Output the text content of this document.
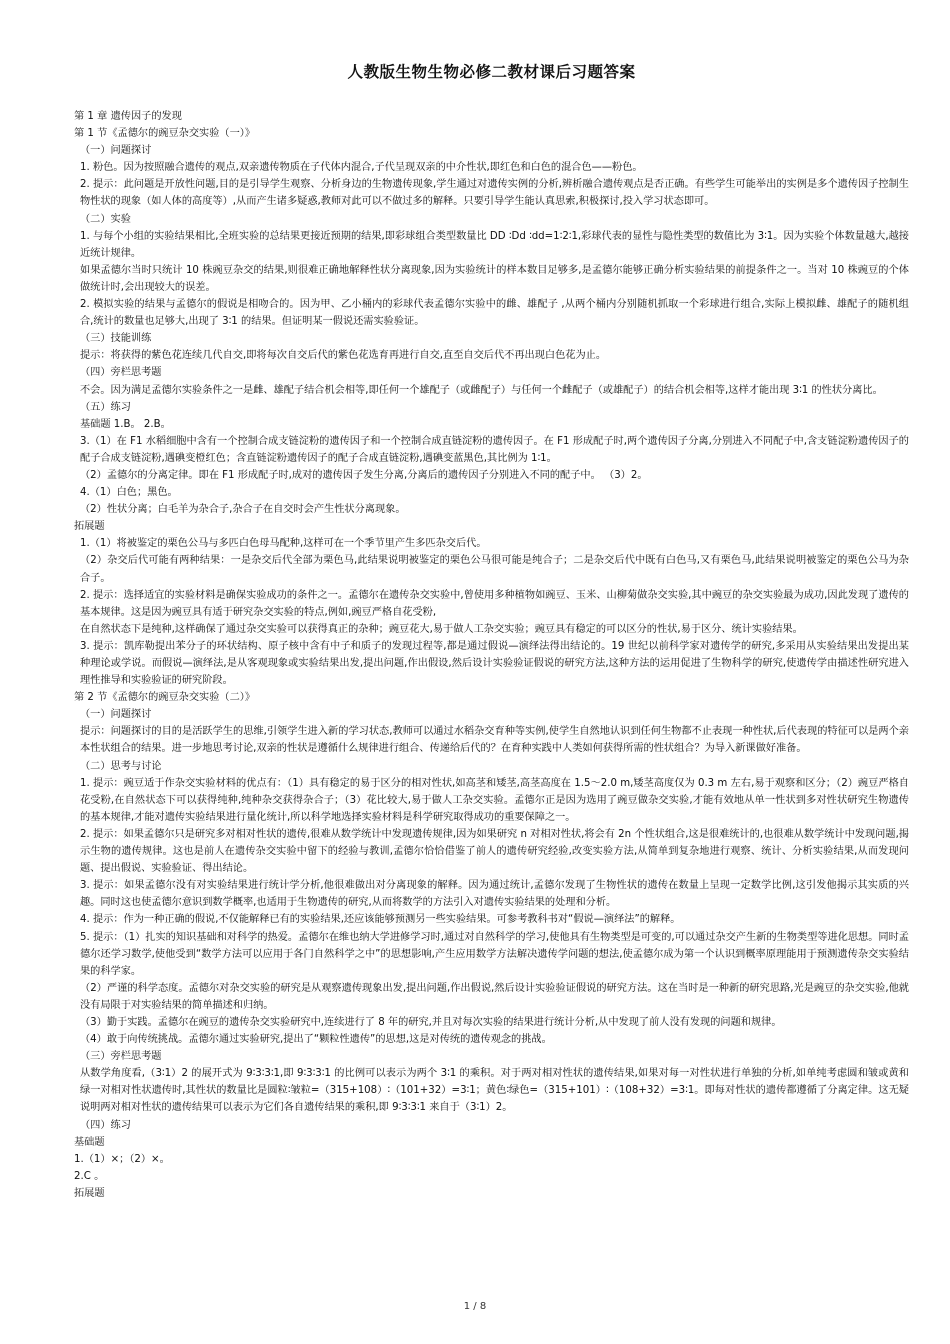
人教版生物生物必修二教材课后习题答案

第 1 章 遗传因子的发现

第 1 节《孟德尔的豌豆杂交实验（一）》

（一）问题探讨

1. 粉色。因为按照融合遗传的观点,双亲遗传物质在子代体内混合,子代呈现双亲的中介性状,即红色和白色的混合色——粉色。

2. 提示：此问题是开放性问题,目的是引导学生观察、分析身边的生物遗传现象,学生通过对遗传实例的分析,辨析融合遗传观点是否正确。有些学生可能举出的实例是多个遗传因子控制生物性状的现象（如人体的高度等）,从而产生诸多疑惑,教师对此可以不做过多的解释。只要引导学生能认真思索,积极探讨,投入学习状态即可。

（二）实验

1. 与每个小组的实验结果相比,全班实验的总结果更接近预期的结果,即彩球组合类型数量比 DD ∶Dd ∶dd=1∶2∶1,彩球代表的显性与隐性类型的数值比为 3∶1。因为实验个体数量越大,越接近统计规律。

如果孟德尔当时只统计 10 株豌豆杂交的结果,则很难正确地解释性状分离现象,因为实验统计的样本数目足够多,是孟德尔能够正确分析实验结果的前提条件之一。当对 10 株豌豆的个体做统计时,会出现较大的误差。

2. 模拟实验的结果与孟德尔的假说是相吻合的。因为甲、乙小桶内的彩球代表孟德尔实验中的雌、雄配子 ,从两个桶内分别随机抓取一个彩球进行组合,实际上模拟雌、雄配子的随机组合,统计的数量也足够大,出现了 3∶1 的结果。但证明某一假说还需实验验证。

（三）技能训练

提示：将获得的紫色花连续几代自交,即将每次自交后代的紫色花选育再进行自交,直至自交后代不再出现白色花为止。

（四）旁栏思考题

不会。因为满足孟德尔实验条件之一是雌、雄配子结合机会相等,即任何一个雄配子（或雌配子）与任何一个雌配子（或雄配子）的结合机会相等,这样才能出现 3∶1 的性状分离比。

（五）练习

基础题 1.B。 2.B。

3.（1）在 F1 水稻细胞中含有一个控制合成支链淀粉的遗传因子和一个控制合成直链淀粉的遗传因子。在 F1 形成配子时,两个遗传因子分离,分别进入不同配子中,含支链淀粉遗传因子的配子合成支链淀粉,遇碘变橙红色；含直链淀粉遗传因子的配子合成直链淀粉,遇碘变蓝黑色,其比例为 1∶1。

（2）孟德尔的分离定律。即在 F1 形成配子时,成对的遗传因子发生分离,分离后的遗传因子分别进入不同的配子中。 （3）2。

4.（1）白色；黑色。

（2）性状分离；白毛羊为杂合子,杂合子在自交时会产生性状分离现象。

拓展题

1.（1）将被鉴定的栗色公马与多匹白色母马配种,这样可在一个季节里产生多匹杂交后代。

（2）杂交后代可能有两种结果：一是杂交后代全部为栗色马,此结果说明被鉴定的栗色公马很可能是纯合子；二是杂交后代中既有白色马,又有栗色马,此结果说明被鉴定的栗色公马为杂合子。

2. 提示：选择适宜的实验材料是确保实验成功的条件之一。孟德尔在遗传杂交实验中,曾使用多种植物如豌豆、玉米、山柳菊做杂交实验,其中豌豆的杂交实验最为成功,因此发现了遗传的基本规律。这是因为豌豆具有适于研究杂交实验的特点,例如,豌豆严格自花受粉,

在自然状态下是纯种,这样确保了通过杂交实验可以获得真正的杂种；豌豆花大,易于做人工杂交实验；豌豆具有稳定的可以区分的性状,易于区分、统计实验结果。

3. 提示：凯库勒提出苯分子的环状结构、原子核中含有中子和质子的发现过程等,都是通过假说—演绎法得出结论的。19 世纪以前科学家对遗传学的研究,多采用从实验结果出发提出某种理论或学说。而假说—演绎法,是从客观现象或实验结果出发,提出问题,作出假设,然后设计实验验证假说的研究方法,这种方法的运用促进了生物科学的研究,使遗传学由描述性研究进入理性推导和实验验证的研究阶段。

第 2 节《孟德尔的豌豆杂交实验（二）》

（一）问题探讨

提示：问题探讨的目的是活跃学生的思维,引领学生进入新的学习状态,教师可以通过水稻杂交育种等实例,使学生自然地认识到任何生物都不止表现一种性状,后代表现的特征可以是两个亲本性状组合的结果。进一步地思考讨论,双亲的性状是遵循什么规律进行组合、传递给后代的？在育种实践中人类如何获得所需的性状组合？为导入新课做好准备。

（二）思考与讨论

1. 提示：豌豆适于作杂交实验材料的优点有：（1）具有稳定的易于区分的相对性状,如高茎和矮茎,高茎高度在 1.5～2.0 m,矮茎高度仅为 0.3 m 左右,易于观察和区分；（2）豌豆严格自花受粉,在自然状态下可以获得纯种,纯种杂交获得杂合子；（3）花比较大,易于做人工杂交实验。孟德尔正是因为选用了豌豆做杂交实验,才能有效地从单一性状到多对性状研究生物遗传的基本规律,才能对遗传实验结果进行量化统计,所以科学地选择实验材料是科学研究取得成功的重要保障之一。

2. 提示：如果孟德尔只是研究多对相对性状的遗传,很难从数学统计中发现遗传规律,因为如果研究 n 对相对性状,将会有 2n 个性状组合,这是很难统计的,也很难从数学统计中发现问题,揭示生物的遗传规律。这也是前人在遗传杂交实验中留下的经验与教训,孟德尔恰恰借鉴了前人的遗传研究经验,改变实验方法,从简单到复杂地进行观察、统计、分析实验结果,从而发现问题、提出假说、实验验证、得出结论。

3. 提示：如果孟德尔没有对实验结果进行统计学分析,他很难做出对分离现象的解释。因为通过统计,孟德尔发现了生物性状的遗传在数量上呈现一定数学比例,这引发他揭示其实质的兴趣。同时这也使孟德尔意识到数学概率,也适用于生物遗传的研究,从而将数学的方法引入对遗传实验结果的处理和分析。

4. 提示：作为一种正确的假说,不仅能解释已有的实验结果,还应该能够预测另一些实验结果。可参考教科书对“假说—演绎法”的解释。

5. 提示：（1）扎实的知识基础和对科学的热爱。孟德尔在维也纳大学进修学习时,通过对自然科学的学习,使他具有生物类型是可变的,可以通过杂交产生新的生物类型等进化思想。同时孟德尔还学习数学,使他受到“数学方法可以应用于各门自然科学之中”的思想影响,产生应用数学方法解决遗传学问题的想法,使孟德尔成为第一个认识到概率原理能用于预测遗传杂交实验结果的科学家。

（2）严谨的科学态度。孟德尔对杂交实验的研究是从观察遗传现象出发,提出问题,作出假说,然后设计实验验证假说的研究方法。这在当时是一种新的研究思路,光是豌豆的杂交实验,他就没有局限于对实验结果的简单描述和归纳。

（3）勤于实践。孟德尔在豌豆的遗传杂交实验研究中,连续进行了 8 年的研究,并且对每次实验的结果进行统计分析,从中发现了前人没有发现的问题和规律。

（4）敢于向传统挑战。孟德尔通过实验研究,提出了“颗粒性遗传”的思想,这是对传统的遗传观念的挑战。

（三）旁栏思考题

从数学角度看,（3∶1）2 的展开式为 9∶3∶3∶1,即 9∶3∶3∶1 的比例可以表示为两个 3∶1 的乘积。对于两对相对性状的遗传结果,如果对每一对性状进行单独的分析,如单纯考虑圆和皱或黄和绿一对相对性状遗传时,其性状的数量比是圆粒∶皱粒=（315+108）∶（101+32）=3∶1；黄色∶绿色=（315+101）∶（108+32）=3∶1。即每对性状的遗传都遵循了分离定律。这无疑说明两对相对性状的遗传结果可以表示为它们各自遗传结果的乘积,即 9∶3∶3∶1 来自于（3∶1）2。

（四）练习

基础题

1.（1）×；（2）×。

2.C 。

拓展题

1 / 8
